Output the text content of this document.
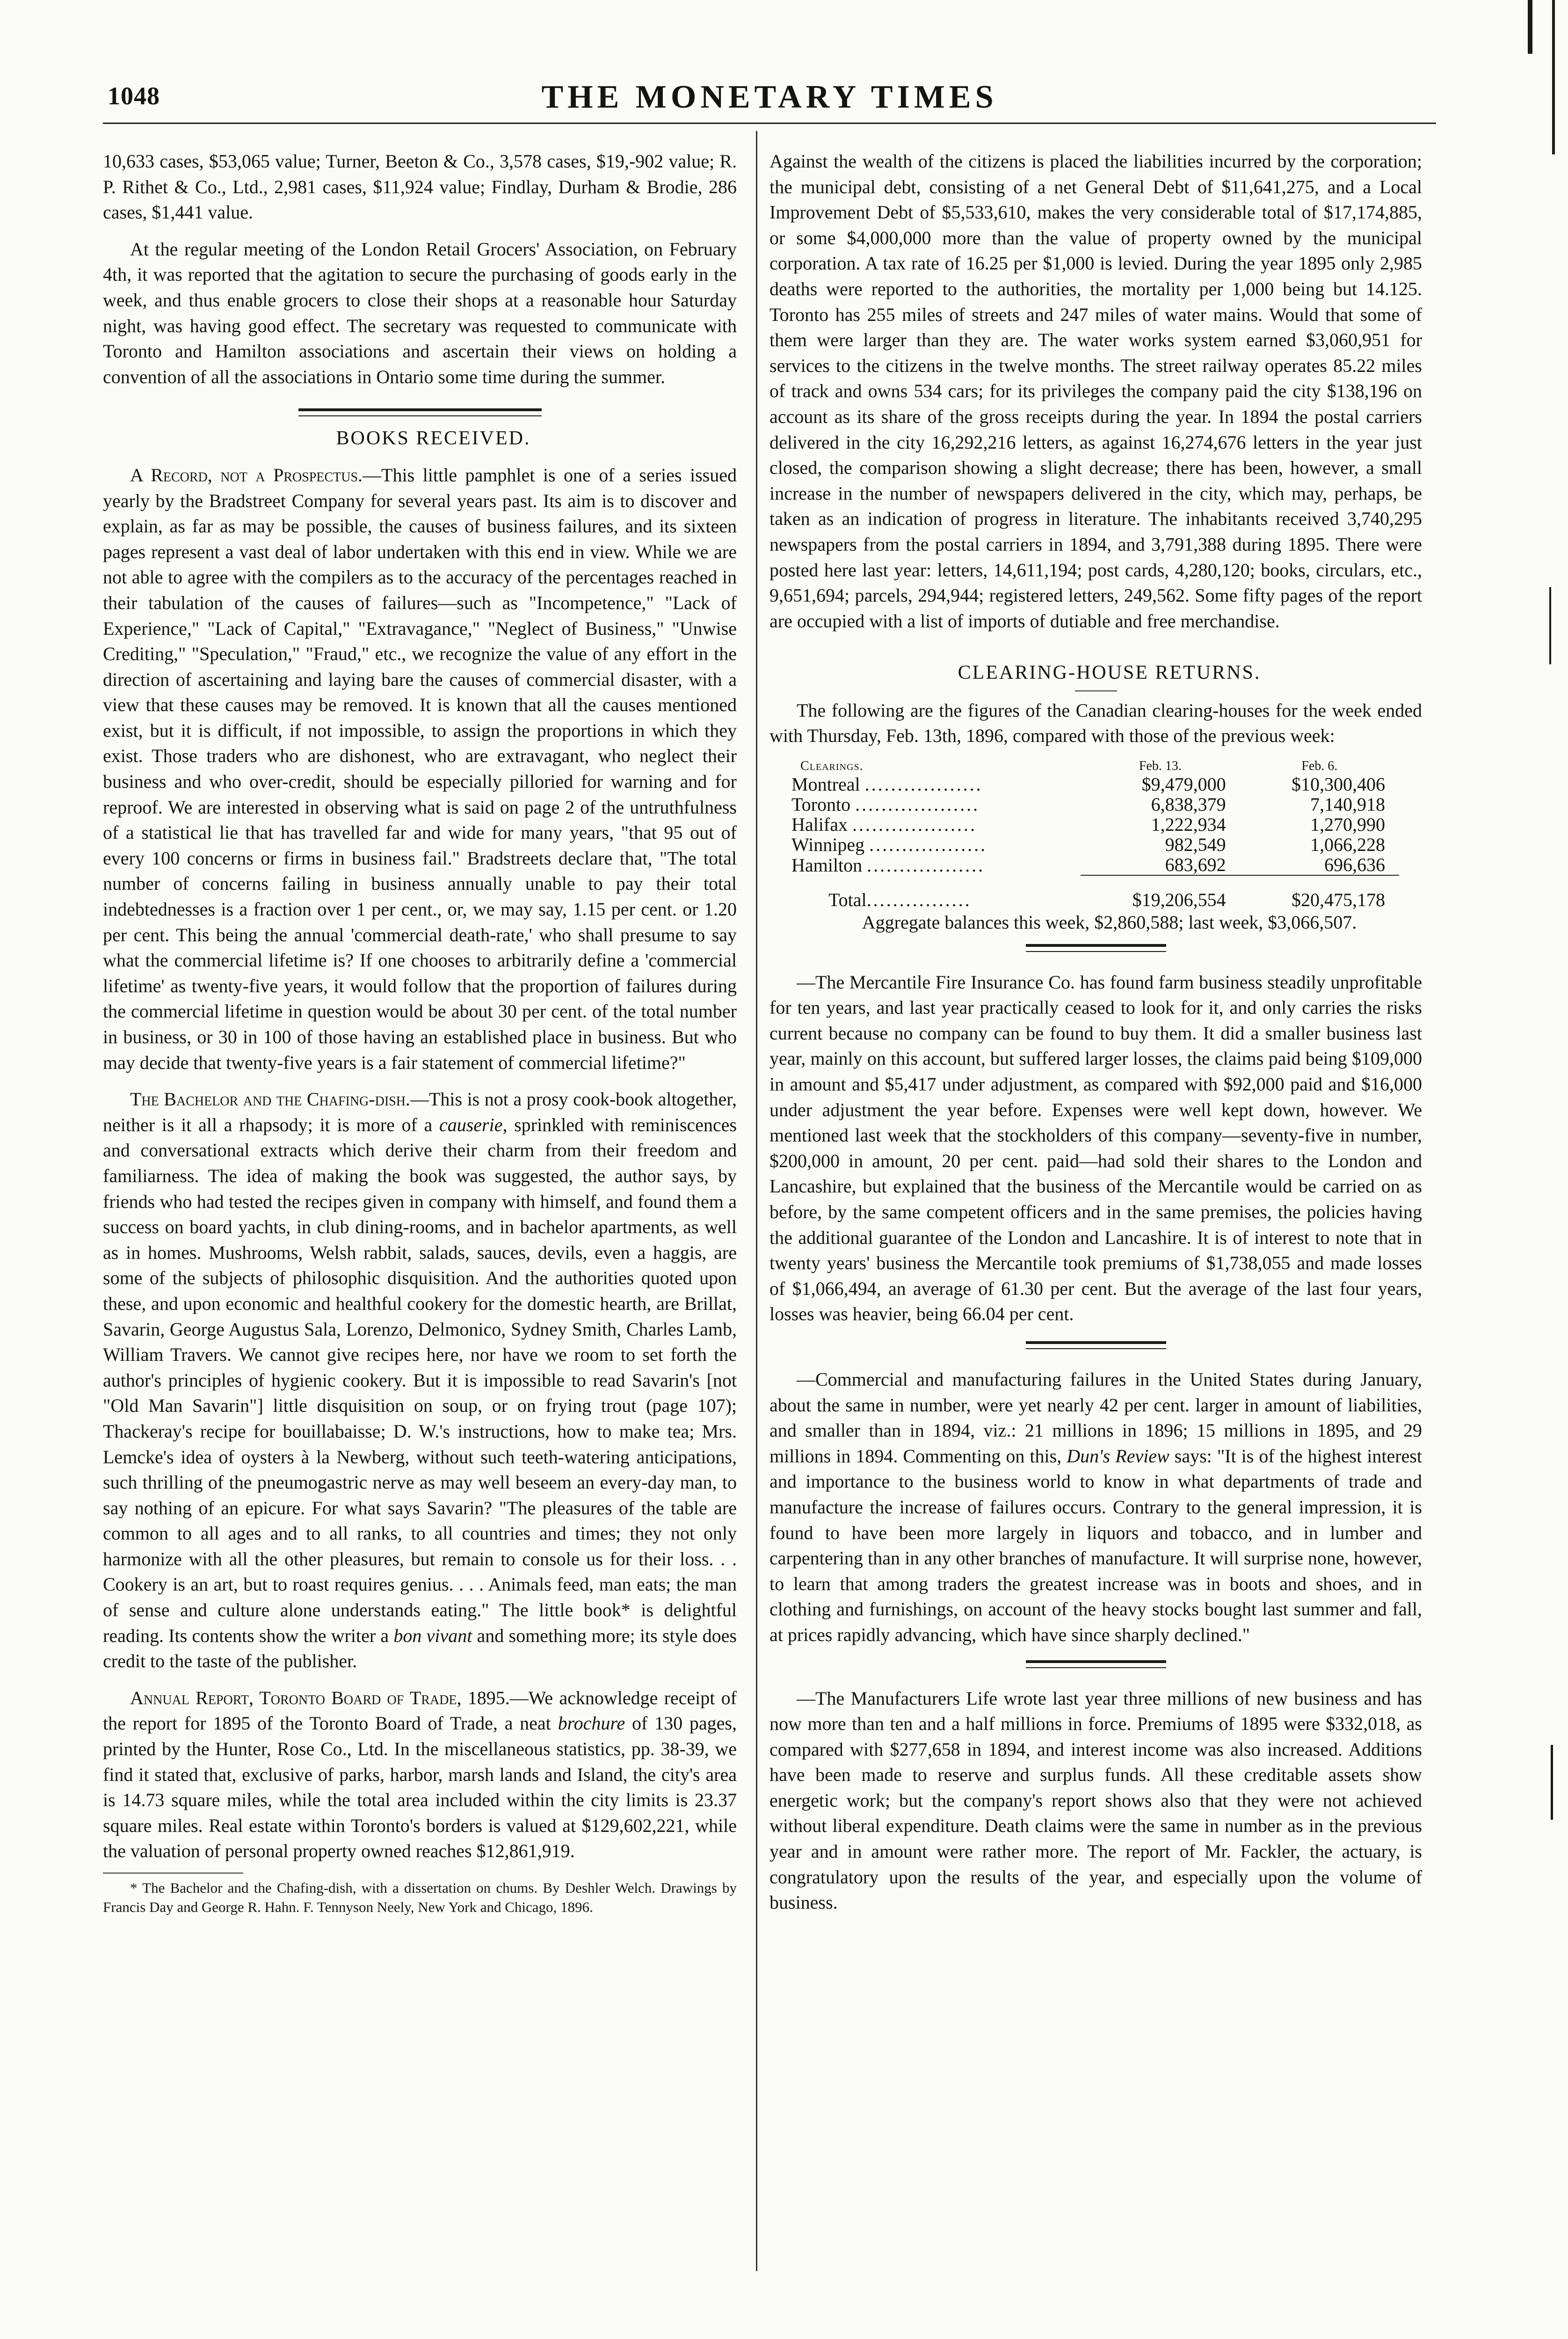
1048	THE MONETARY TIMES

10,633 cases, $53,065 value; Turner, Beeton & Co., 3,578 cases, $19,-902 value; R. P. Rithet & Co., Ltd., 2,981 cases, $11,924 value; Findlay, Durham & Brodie, 286 cases, $1,441 value.

At the regular meeting of the London Retail Grocers' Association, on February 4th, it was reported that the agitation to secure the purchasing of goods early in the week, and thus enable grocers to close their shops at a reasonable hour Saturday night, was having good effect. The secretary was requested to communicate with Toronto and Hamilton associations and ascertain their views on holding a convention of all the associations in Ontario some time during the summer.

BOOKS RECEIVED.

A Record, not a Prospectus.—This little pamphlet is one of a series issued yearly by the Bradstreet Company for several years past. Its aim is to discover and explain, as far as may be possible, the causes of business failures, and its sixteen pages represent a vast deal of labor undertaken with this end in view. While we are not able to agree with the compilers as to the accuracy of the percentages reached in their tabulation of the causes of failures—such as "Incompetence," "Lack of Experience," "Lack of Capital," "Extravagance," "Neglect of Business," "Unwise Crediting," "Speculation," "Fraud," etc., we recognize the value of any effort in the direction of ascertaining and laying bare the causes of commercial disaster, with a view that these causes may be removed. It is known that all the causes mentioned exist, but it is difficult, if not impossible, to assign the proportions in which they exist. Those traders who are dishonest, who are extravagant, who neglect their business and who over-credit, should be especially pilloried for warning and for reproof. We are interested in observing what is said on page 2 of the untruthfulness of a statistical lie that has travelled far and wide for many years, "that 95 out of every 100 concerns or firms in business fail." Bradstreets declare that, "The total number of concerns failing in business annually unable to pay their total indebtednesses is a fraction over 1 per cent., or, we may say, 1.15 per cent. or 1.20 per cent. This being the annual 'commercial death-rate,' who shall presume to say what the commercial lifetime is? If one chooses to arbitrarily define a 'commercial lifetime' as twenty-five years, it would follow that the proportion of failures during the commercial lifetime in question would be about 30 per cent. of the total number in business, or 30 in 100 of those having an established place in business. But who may decide that twenty-five years is a fair statement of commercial lifetime?"

The Bachelor and the Chafing-dish.—This is not a prosy cook-book altogether, neither is it all a rhapsody; it is more of a causerie, sprinkled with reminiscences and conversational extracts which derive their charm from their freedom and familiarness. The idea of making the book was suggested, the author says, by friends who had tested the recipes given in company with himself, and found them a success on board yachts, in club dining-rooms, and in bachelor apartments, as well as in homes. Mushrooms, Welsh rabbit, salads, sauces, devils, even a haggis, are some of the subjects of philosophic disquisition. And the authorities quoted upon these, and upon economic and healthful cookery for the domestic hearth, are Brillat, Savarin, George Augustus Sala, Lorenzo, Delmonico, Sydney Smith, Charles Lamb, William Travers. We cannot give recipes here, nor have we room to set forth the author's principles of hygienic cookery. But it is impossible to read Savarin's [not "Old Man Savarin"] little disquisition on soup, or on frying trout (page 107); Thackeray's recipe for bouillabaisse; D. W.'s instructions, how to make tea; Mrs. Lemcke's idea of oysters à la Newberg, without such teeth-watering anticipations, such thrilling of the pneumogastric nerve as may well beseem an every-day man, to say nothing of an epicure. For what says Savarin? "The pleasures of the table are common to all ages and to all ranks, to all countries and times; they not only harmonize with all the other pleasures, but remain to console us for their loss. . . Cookery is an art, but to roast requires genius. . . . Animals feed, man eats; the man of sense and culture alone understands eating." The little book* is delightful reading. Its contents show the writer a bon vivant and something more; its style does credit to the taste of the publisher.

Annual Report, Toronto Board of Trade, 1895.—We acknowledge receipt of the report for 1895 of the Toronto Board of Trade, a neat brochure of 130 pages, printed by the Hunter, Rose Co., Ltd. In the miscellaneous statistics, pp. 38-39, we find it stated that, exclusive of parks, harbor, marsh lands and Island, the city's area is 14.73 square miles, while the total area included within the city limits is 23.37 square miles. Real estate within Toronto's borders is valued at $129,602,221, while the valuation of personal property owned reaches $12,861,919.

* The Bachelor and the Chafing-dish, with a dissertation on chums. By Deshler Welch. Drawings by Francis Day and George R. Hahn. F. Tennyson Neely, New York and Chicago, 1896.

Against the wealth of the citizens is placed the liabilities incurred by the corporation; the municipal debt, consisting of a net General Debt of $11,641,275, and a Local Improvement Debt of $5,533,610, makes the very considerable total of $17,174,885, or some $4,000,000 more than the value of property owned by the municipal corporation. A tax rate of 16.25 per $1,000 is levied. During the year 1895 only 2,985 deaths were reported to the authorities, the mortality per 1,000 being but 14.125. Toronto has 255 miles of streets and 247 miles of water mains. Would that some of them were larger than they are. The water works system earned $3,060,951 for services to the citizens in the twelve months. The street railway operates 85.22 miles of track and owns 534 cars; for its privileges the company paid the city $138,196 on account as its share of the gross receipts during the year. In 1894 the postal carriers delivered in the city 16,292,216 letters, as against 16,274,676 letters in the year just closed, the comparison showing a slight decrease; there has been, however, a small increase in the number of newspapers delivered in the city, which may, perhaps, be taken as an indication of progress in literature. The inhabitants received 3,740,295 newspapers from the postal carriers in 1894, and 3,791,388 during 1895. There were posted here last year: letters, 14,611,194; post cards, 4,280,120; books, circulars, etc., 9,651,694; parcels, 294,944; registered letters, 249,562. Some fifty pages of the report are occupied with a list of imports of dutiable and free merchandise.

CLEARING-HOUSE RETURNS.

The following are the figures of the Canadian clearing-houses for the week ended with Thursday, Feb. 13th, 1896, compared with those of the previous week:

Clearings.	Feb. 13.	Feb. 6.
Montreal ..................	$9,479,000	$10,300,406
Toronto ...................	6,838,379	7,140,918
Halifax ...................	1,222,934	1,270,990
Winnipeg ..................	982,549	1,066,228
Hamilton ..................	683,692	696,636

Total................	$19,206,554	$20,475,178

Aggregate balances this week, $2,860,588; last week, $3,066,507.

—The Mercantile Fire Insurance Co. has found farm business steadily unprofitable for ten years, and last year practically ceased to look for it, and only carries the risks current because no company can be found to buy them. It did a smaller business last year, mainly on this account, but suffered larger losses, the claims paid being $109,000 in amount and $5,417 under adjustment, as compared with $92,000 paid and $16,000 under adjustment the year before. Expenses were well kept down, however. We mentioned last week that the stockholders of this company—seventy-five in number, $200,000 in amount, 20 per cent. paid—had sold their shares to the London and Lancashire, but explained that the business of the Mercantile would be carried on as before, by the same competent officers and in the same premises, the policies having the additional guarantee of the London and Lancashire. It is of interest to note that in twenty years' business the Mercantile took premiums of $1,738,055 and made losses of $1,066,494, an average of 61.30 per cent. But the average of the last four years, losses was heavier, being 66.04 per cent.

—Commercial and manufacturing failures in the United States during January, about the same in number, were yet nearly 42 per cent. larger in amount of liabilities, and smaller than in 1894, viz.: 21 millions in 1896; 15 millions in 1895, and 29 millions in 1894. Commenting on this, Dun's Review says: "It is of the highest interest and importance to the business world to know in what departments of trade and manufacture the increase of failures occurs. Contrary to the general impression, it is found to have been more largely in liquors and tobacco, and in lumber and carpentering than in any other branches of manufacture. It will surprise none, however, to learn that among traders the greatest increase was in boots and shoes, and in clothing and furnishings, on account of the heavy stocks bought last summer and fall, at prices rapidly advancing, which have since sharply declined."

—The Manufacturers Life wrote last year three millions of new business and has now more than ten and a half millions in force. Premiums of 1895 were $332,018, as compared with $277,658 in 1894, and interest income was also increased. Additions have been made to reserve and surplus funds. All these creditable assets show energetic work; but the company's report shows also that they were not achieved without liberal expenditure. Death claims were the same in number as in the previous year and in amount were rather more. The report of Mr. Fackler, the actuary, is congratulatory upon the results of the year, and especially upon the volume of business.
